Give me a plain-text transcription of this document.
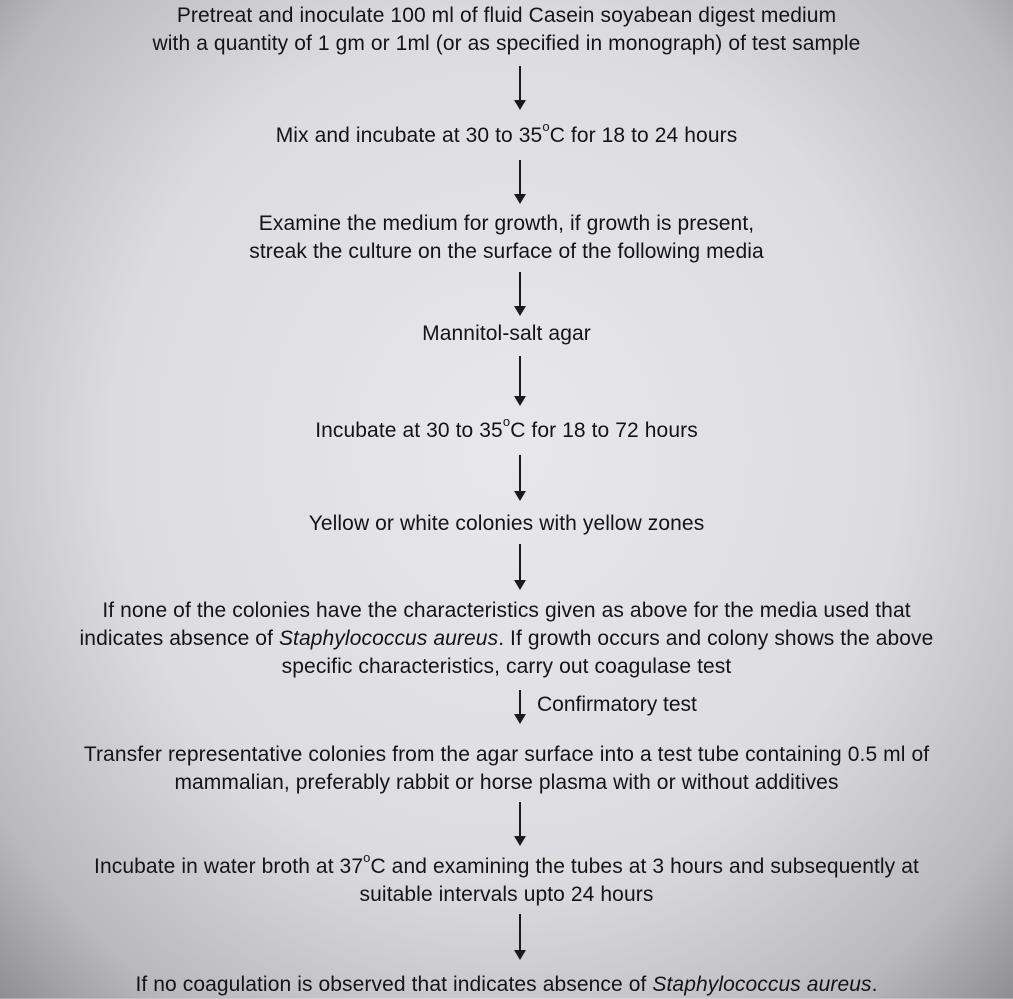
Pretreat and inoculate 100 ml of fluid Casein soyabean digest medium

with a quantity of 1 gm or 1ml (or as specified in monograph) of test sample

Mix and incubate at 30 to 35$^o$C for 18 to 24 hours

Examine the medium for growth, if growth is present,

streak the culture on the surface of the following media

Mannitol-salt agar

Incubate at 30 to 35$^o$C for 18 to 72 hours

Yellow or white colonies with yellow zones

If none of the colonies have the characteristics given as above for the media used that

indicates absence of Staphylococcus aureus. If growth occurs and colony shows the above

specific characteristics, carry out coagulase test

Confirmatory test

Transfer representative colonies from the agar surface into a test tube containing 0.5 ml of

mammalian, preferably rabbit or horse plasma with or without additives

Incubate in water broth at 37$^o$C and examining the tubes at 3 hours and subsequently at

suitable intervals upto 24 hours

If no coagulation is observed that indicates absence of Staphylococcus aureus.
